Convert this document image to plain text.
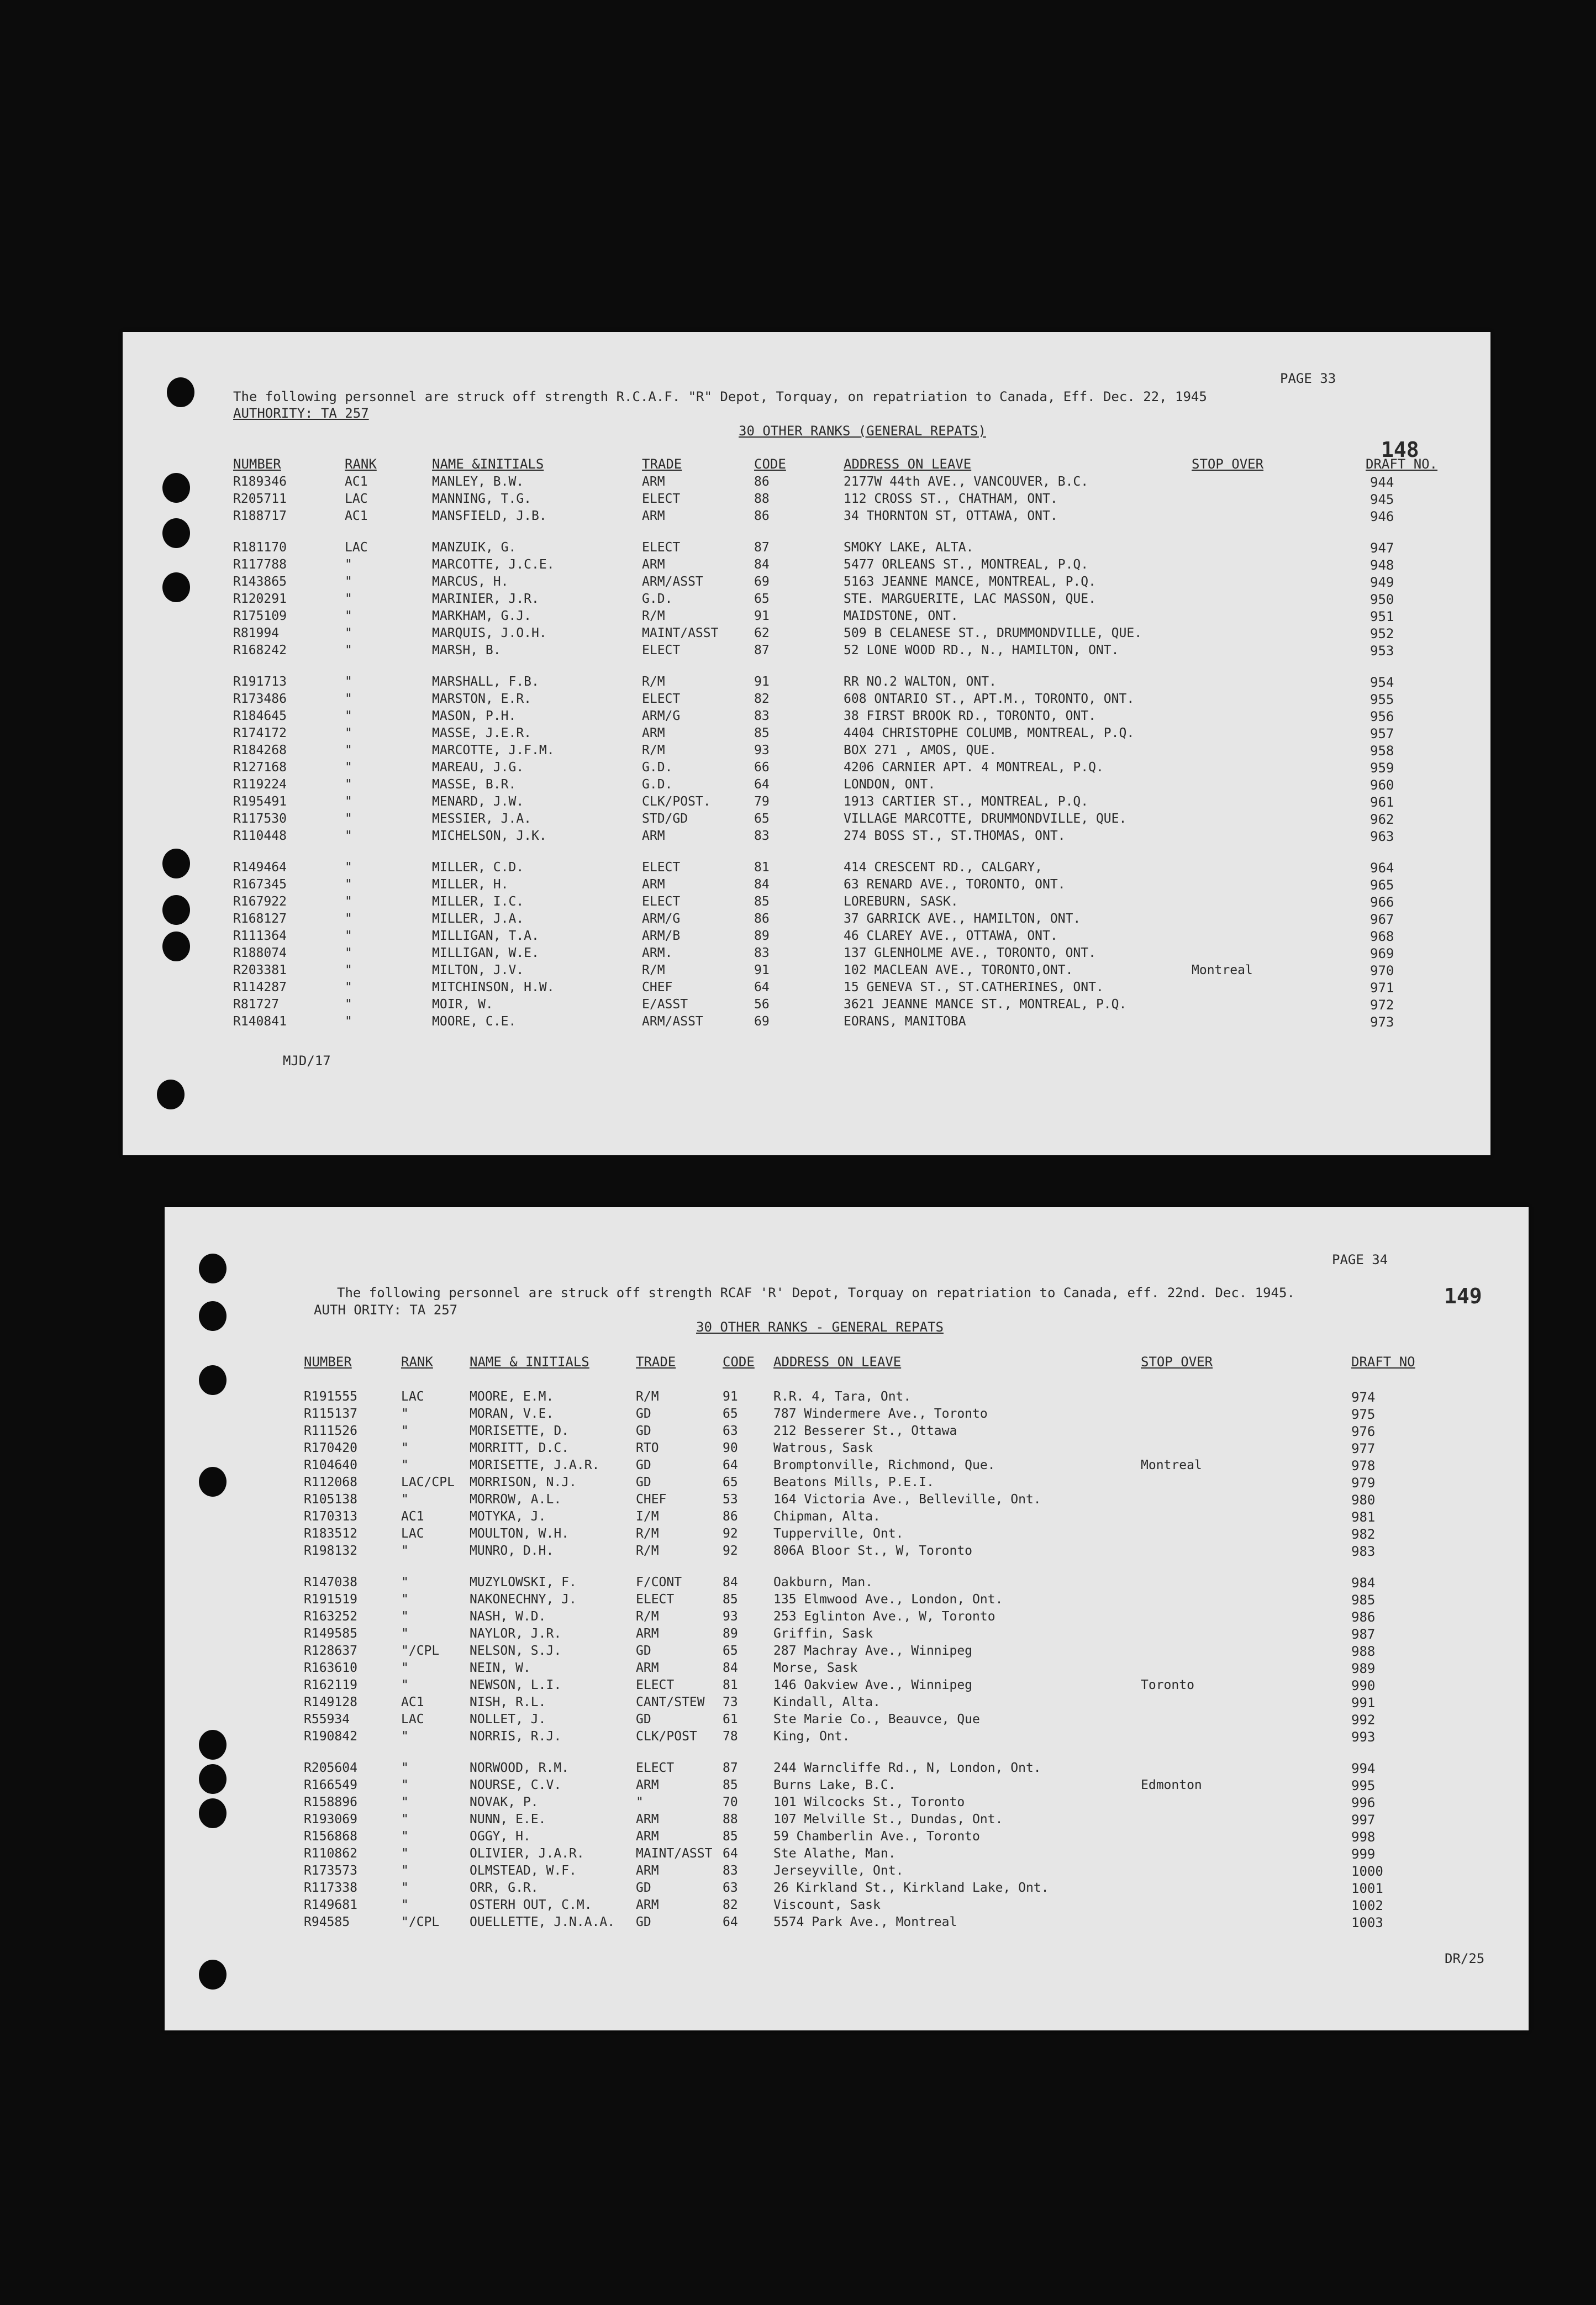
PAGE 33
The following personnel are struck off strength R.C.A.F. "R" Depot, Torquay, on repatriation to Canada, Eff. Dec. 22, 1945
AUTHORITY: TA 257
30 OTHER RANKS (GENERAL REPATS)
148
NUMBER	RANK	NAME &INITIALS	TRADE	CODE	ADDRESS ON LEAVE	STOP OVER	DRAFT NO.
R189346	AC1	MANLEY, B.W.	ARM	86	2177W 44th AVE., VANCOUVER, B.C.	944
R205711	LAC	MANNING, T.G.	ELECT	88	112 CROSS ST., CHATHAM, ONT.	945
R188717	AC1	MANSFIELD, J.B.	ARM	86	34 THORNTON ST, OTTAWA, ONT.	946
R181170	LAC	MANZUIK, G.	ELECT	87	SMOKY LAKE, ALTA.	947
R117788	"	MARCOTTE, J.C.E.	ARM	84	5477 ORLEANS ST., MONTREAL, P.Q.	948
R143865	"	MARCUS, H.	ARM/ASST	69	5163 JEANNE MANCE, MONTREAL, P.Q.	949
R120291	"	MARINIER, J.R.	G.D.	65	STE. MARGUERITE, LAC MASSON, QUE.	950
R175109	"	MARKHAM, G.J.	R/M	91	MAIDSTONE, ONT.	951
R81994	"	MARQUIS, J.O.H.	MAINT/ASST	62	509 B CELANESE ST., DRUMMONDVILLE, QUE.	952
R168242	"	MARSH, B.	ELECT	87	52 LONE WOOD RD., N., HAMILTON, ONT.	953
R191713	"	MARSHALL, F.B.	R/M	91	RR NO.2 WALTON, ONT.	954
R173486	"	MARSTON, E.R.	ELECT	82	608 ONTARIO ST., APT.M., TORONTO, ONT.	955
R184645	"	MASON, P.H.	ARM/G	83	38 FIRST BROOK RD., TORONTO, ONT.	956
R174172	"	MASSE, J.E.R.	ARM	85	4404 CHRISTOPHE COLUMB, MONTREAL, P.Q.	957
R184268	"	MARCOTTE, J.F.M.	R/M	93	BOX 271 , AMOS, QUE.	958
R127168	"	MAREAU, J.G.	G.D.	66	4206 CARNIER APT. 4 MONTREAL, P.Q.	959
R119224	"	MASSE, B.R.	G.D.	64	LONDON, ONT.	960
R195491	"	MENARD, J.W.	CLK/POST.	79	1913 CARTIER ST., MONTREAL, P.Q.	961
R117530	"	MESSIER, J.A.	STD/GD	65	VILLAGE MARCOTTE, DRUMMONDVILLE, QUE.	962
R110448	"	MICHELSON, J.K.	ARM	83	274 BOSS ST., ST.THOMAS, ONT.	963
R149464	"	MILLER, C.D.	ELECT	81	414 CRESCENT RD., CALGARY,	964
R167345	"	MILLER, H.	ARM	84	63 RENARD AVE., TORONTO, ONT.	965
R167922	"	MILLER, I.C.	ELECT	85	LOREBURN, SASK.	966
R168127	"	MILLER, J.A.	ARM/G	86	37 GARRICK AVE., HAMILTON, ONT.	967
R111364	"	MILLIGAN, T.A.	ARM/B	89	46 CLAREY AVE., OTTAWA, ONT.	968
R188074	"	MILLIGAN, W.E.	ARM.	83	137 GLENHOLME AVE., TORONTO, ONT.	969
R203381	"	MILTON, J.V.	R/M	91	102 MACLEAN AVE., TORONTO,ONT.	Montreal	970
R114287	"	MITCHINSON, H.W.	CHEF	64	15 GENEVA ST., ST.CATHERINES, ONT.	971
R81727	"	MOIR, W.	E/ASST	56	3621 JEANNE MANCE ST., MONTREAL, P.Q.	972
R140841	"	MOORE, C.E.	ARM/ASST	69	EORANS, MANITOBA	973
MJD/17
PAGE 34
149
The following personnel are struck off strength RCAF 'R' Depot, Torquay on repatriation to Canada, eff. 22nd. Dec. 1945.
AUTH ORITY: TA 257
30 OTHER RANKS - GENERAL REPATS
NUMBER	RANK	NAME & INITIALS	TRADE	CODE ADDRESS ON LEAVE	STOP OVER	DRAFT NO
R191555	LAC	MOORE, E.M.	R/M	91	R.R. 4, Tara, Ont.	974
R115137	"	MORAN, V.E.	GD	65	787 Windermere Ave., Toronto	975
R111526	"	MORISETTE, D.	GD	63	212 Besserer St., Ottawa	976
R170420	"	MORRITT, D.C.	RTO	90	Watrous, Sask	977
R104640	"	MORISETTE, J.A.R.	GD	64	Bromptonville, Richmond, Que.	Montreal	978
R112068	LAC/CPL MORRISON, N.J.	GD	65	Beatons Mills, P.E.I.	979
R105138	"	MORROW, A.L.	CHEF	53	164 Victoria Ave., Belleville, Ont.	980
R170313	AC1	MOTYKA, J.	I/M	86	Chipman, Alta.	981
R183512	LAC	MOULTON, W.H.	R/M	92	Tupperville, Ont.	982
R198132	"	MUNRO, D.H.	R/M	92	806A Bloor St., W, Toronto	983
R147038	"	MUZYLOWSKI, F.	F/CONT	84	Oakburn, Man.	984
R191519	"	NAKONECHNY, J.	ELECT	85	135 Elmwood Ave., London, Ont.	985
R163252	"	NASH, W.D.	R/M	93	253 Eglinton Ave., W, Toronto	986
R149585	"	NAYLOR, J.R.	ARM	89	Griffin, Sask	987
R128637	"/CPL NELSON, S.J.	GD	65	287 Machray Ave., Winnipeg	988
R163610	"	NEIN, W.	ARM	84	Morse, Sask	989
R162119	"	NEWSON, L.I.	ELECT	81	146 Oakview Ave., Winnipeg	Toronto	990
R149128	AC1	NISH, R.L.	CANT/STEW 73	Kindall, Alta.	991
R55934	LAC	NOLLET, J.	GD	61	Ste Marie Co., Beauvce, Que	992
R190842	"	NORRIS, R.J.	CLK/POST 78	King, Ont.	993
R205604	"	NORWOOD, R.M.	ELECT	87	244 Warncliffe Rd., N, London, Ont.	994
R166549	"	NOURSE, C.V.	ARM	85	Burns Lake, B.C.	Edmonton	995
R158896	"	NOVAK, P.	"	70	101 Wilcocks St., Toronto	996
R193069	"	NUNN, E.E.	ARM	88	107 Melville St., Dundas, Ont.	997
R156868	"	OGGY, H.	ARM	85	59 Chamberlin Ave., Toronto	998
R110862	"	OLIVIER, J.A.R.	MAINT/ASST 64	Ste Alathe, Man.	999
R173573	"	OLMSTEAD, W.F.	ARM	83	Jerseyville, Ont.	1000
R117338	"	ORR, G.R.	GD	63	26 Kirkland St., Kirkland Lake, Ont.	1001
R149681	"	OSTERH OUT, C.M.	ARM	82	Viscount, Sask	1002
R94585	"/CPL OUELLETTE, J.N.A.A. GD	64	5574 Park Ave., Montreal	1003
DR/25
